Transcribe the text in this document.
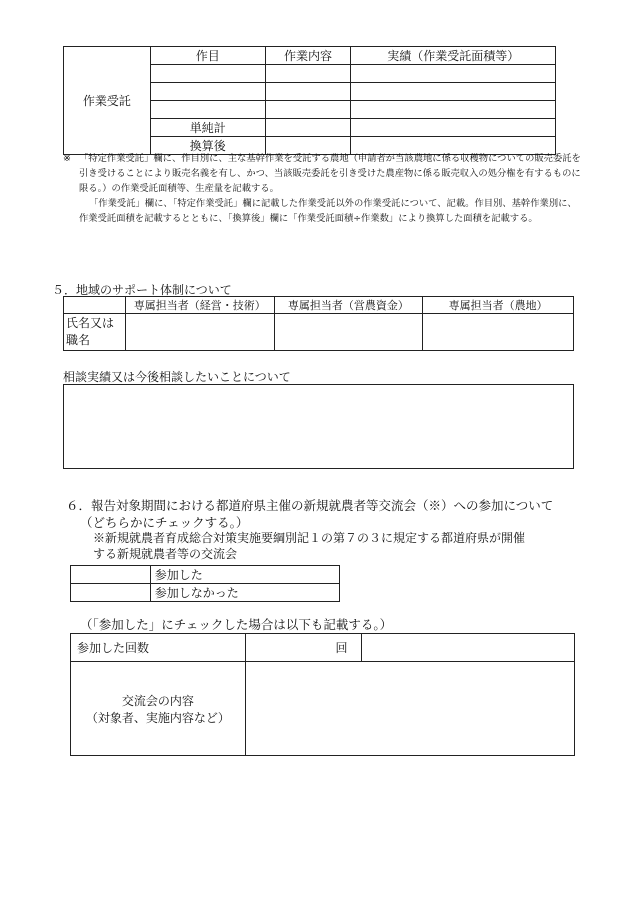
作業受託	作目	作業内容	実績（作業受託面積等）

	単純計		
	換算後		
※ 「特定作業受託」欄に、作目別に、主な基幹作業を受託する農地（申請者が当該農地に係る収穫物についての販売委託を引き受けることにより販売名義を有し、かつ、当該販売委託を引き受けた農産物に係る販売収入の処分権を有するものに限る。）の作業受託面積等、生産量を記載する。
「作業受託」欄に、「特定作業受託」欄に記載した作業受託以外の作業受託について、記載。作目別、基幹作業別に、作業受託面積を記載するとともに、「換算後」欄に「作業受託面積÷作業数」により換算した面積を記載する。
５．地域のサポート体制について
	専属担当者（経営・技術）	専属担当者（営農資金）	専属担当者（農地）
氏名又は
職名			
相談実績又は今後相談したいことについて
６．報告対象期間における都道府県主催の新規就農者等交流会（※）への参加について
（どちらかにチェックする。）
※新規就農者育成総合対策実施要綱別記１の第７の３に規定する都道府県が開催
する新規就農者等の交流会
	参加した
	参加しなかった
（「参加した」にチェックした場合は以下も記載する。）
参加した回数	回	
交流会の内容
（対象者、実施内容など）		
